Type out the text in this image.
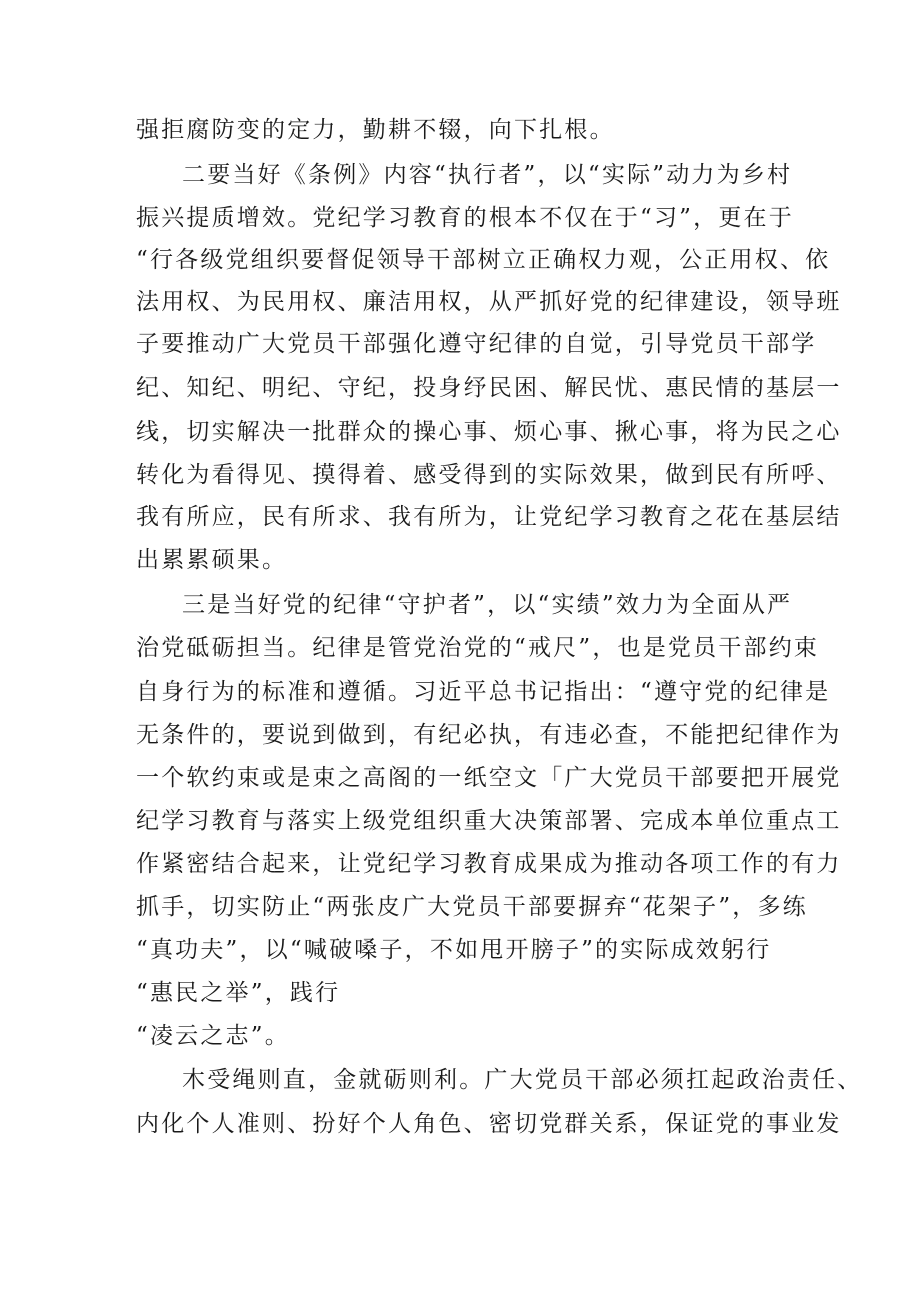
强拒腐防变的定力，勤耕不辍，向下扎根。
二要当好《条例》内容“执行者”，以“实际”动力为乡村
振兴提质增效。党纪学习教育的根本不仅在于“习”，更在于
“行各级党组织要督促领导干部树立正确权力观，公正用权、依
法用权、为民用权、廉洁用权，从严抓好党的纪律建设，领导班
子要推动广大党员干部强化遵守纪律的自觉，引导党员干部学
纪、知纪、明纪、守纪，投身纾民困、解民忧、惠民情的基层一
线，切实解决一批群众的操心事、烦心事、揪心事，将为民之心
转化为看得见、摸得着、感受得到的实际效果，做到民有所呼、
我有所应，民有所求、我有所为，让党纪学习教育之花在基层结
出累累硕果。
三是当好党的纪律“守护者”，以“实绩”效力为全面从严
治党砥砺担当。纪律是管党治党的“戒尺”，也是党员干部约束
自身行为的标准和遵循。习近平总书记指出：“遵守党的纪律是
无条件的，要说到做到，有纪必执，有违必查，不能把纪律作为
一个软约束或是束之高阁的一纸空文「广大党员干部要把开展党
纪学习教育与落实上级党组织重大决策部署、完成本单位重点工
作紧密结合起来，让党纪学习教育成果成为推动各项工作的有力
抓手，切实防止“两张皮广大党员干部要摒弃“花架子”，多练
“真功夫”，以“喊破嗓子，不如甩开膀子”的实际成效躬行
“惠民之举”，践行
“凌云之志”。
木受绳则直，金就砺则利。广大党员干部必须扛起政治责任、
内化个人准则、扮好个人角色、密切党群关系，保证党的事业发
